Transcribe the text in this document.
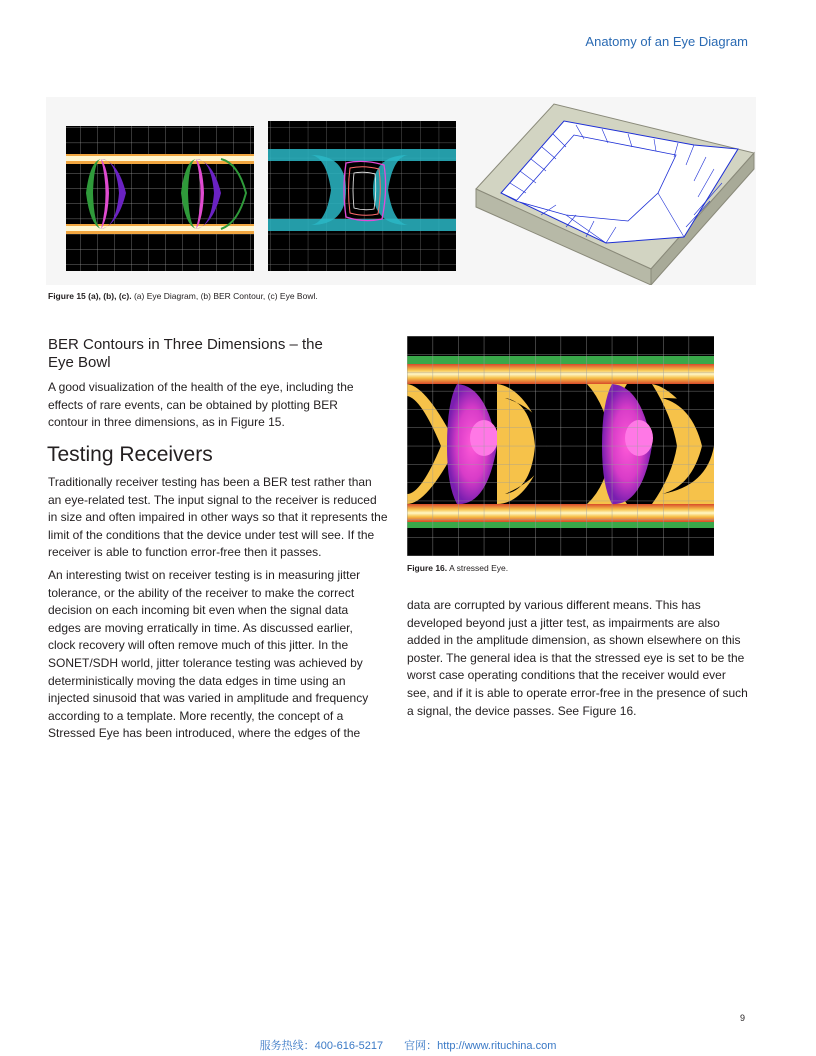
Anatomy of an Eye Diagram
Figure 15 (a), (b), (c). (a) Eye Diagram, (b) BER Contour, (c) Eye Bowl.
BER Contours in Three Dimensions – the Eye Bowl

A good visualization of the health of the eye, including the effects of rare events, can be obtained by plotting BER contour in three dimensions, as in Figure 15.

Testing Receivers

Traditionally receiver testing has been a BER test rather than an eye-related test. The input signal to the receiver is reduced in size and often impaired in other ways so that it represents the limit of the conditions that the device under test will see. If the receiver is able to function error-free then it passes.

An interesting twist on receiver testing is in measuring jitter tolerance, or the ability of the receiver to make the correct decision on each incoming bit even when the signal data edges are moving erratically in time. As discussed earlier, clock recovery will often remove much of this jitter. In the SONET/SDH world, jitter tolerance testing was achieved by deterministically moving the data edges in time using an injected sinusoid that was varied in amplitude and frequency according to a template. More recently, the concept of a Stressed Eye has been introduced, where the edges of the

Figure 16. A stressed Eye.

data are corrupted by various different means. This has developed beyond just a jitter test, as impairments are also added in the amplitude dimension, as shown elsewhere on this poster. The general idea is that the stressed eye is set to be the worst case operating conditions that the receiver would ever see, and if it is able to operate error-free in the presence of such a signal, the device passes. See Figure 16.

9
服务热线：400-616-5217 官网：http://www.rituchina.com
